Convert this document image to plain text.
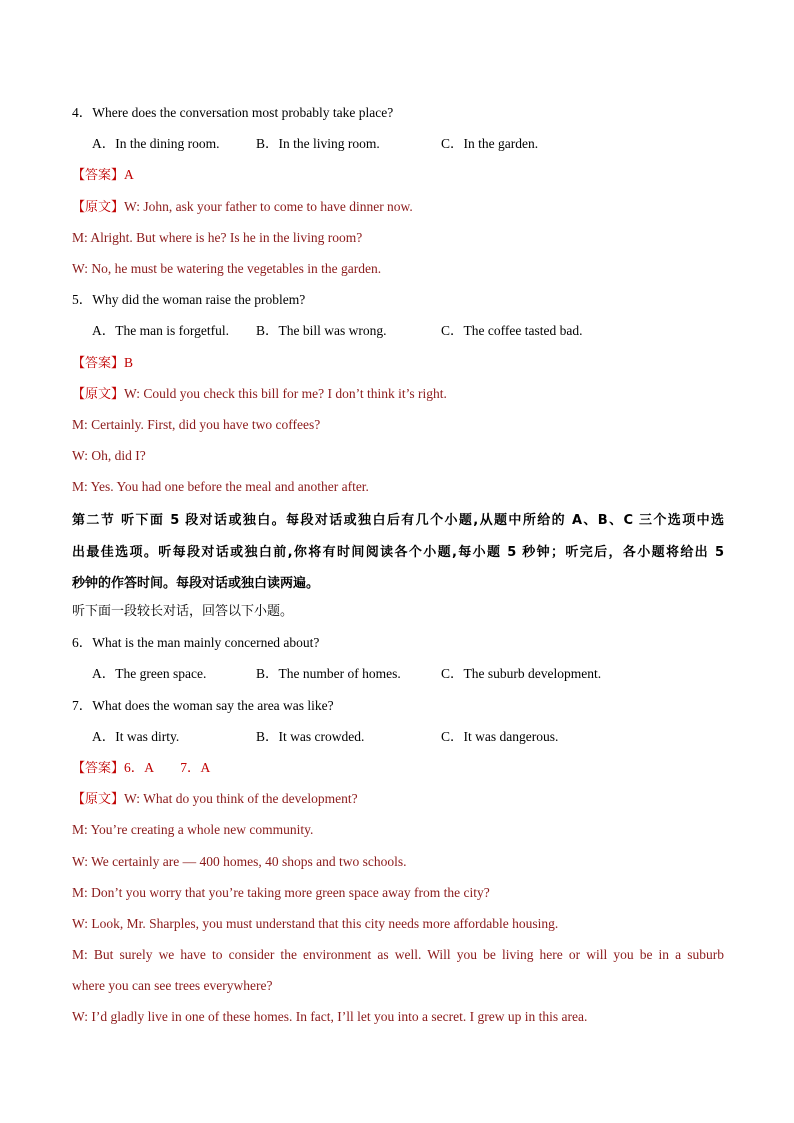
4．Where does the conversation most probably take place?
A．In the dining room.	B．In the living room.	C．In the garden.
【答案】A
【原文】W: John, ask your father to come to have dinner now.
M: Alright. But where is he? Is he in the living room?
W: No, he must be watering the vegetables in the garden.
5．Why did the woman raise the problem?
A．The man is forgetful.	B．The bill was wrong.	C．The coffee tasted bad.
【答案】B
【原文】W: Could you check this bill for me? I don’t think it’s right.
M: Certainly. First, did you have two coffees?
W: Oh, did I?
M: Yes. You had one before the meal and another after.
第二节 听下面 5 段对话或独白。每段对话或独白后有几个小题,从题中所给的 A、B、C 三个选项中选
出最佳选项。听每段对话或独白前,你将有时间阅读各个小题,每小题 5 秒钟；听完后，各小题将给出 5
秒钟的作答时间。每段对话或独白读两遍。
听下面一段较长对话，回答以下小题。
6．What is the man mainly concerned about?
A．The green space.	B．The number of homes.	C．The suburb development.
7．What does the woman say the area was like?
A．It was dirty.	B．It was crowded.	C．It was dangerous.
【答案】6．A　　7．A
【原文】W: What do you think of the development?
M: You’re creating a whole new community.
W: We certainly are — 400 homes, 40 shops and two schools.
M: Don’t you worry that you’re taking more green space away from the city?
W: Look, Mr. Sharples, you must understand that this city needs more affordable housing.
M: But surely we have to consider the environment as well. Will you be living here or will you be in a suburb
where you can see trees everywhere?
W: I’d gladly live in one of these homes. In fact, I’ll let you into a secret. I grew up in this area.
